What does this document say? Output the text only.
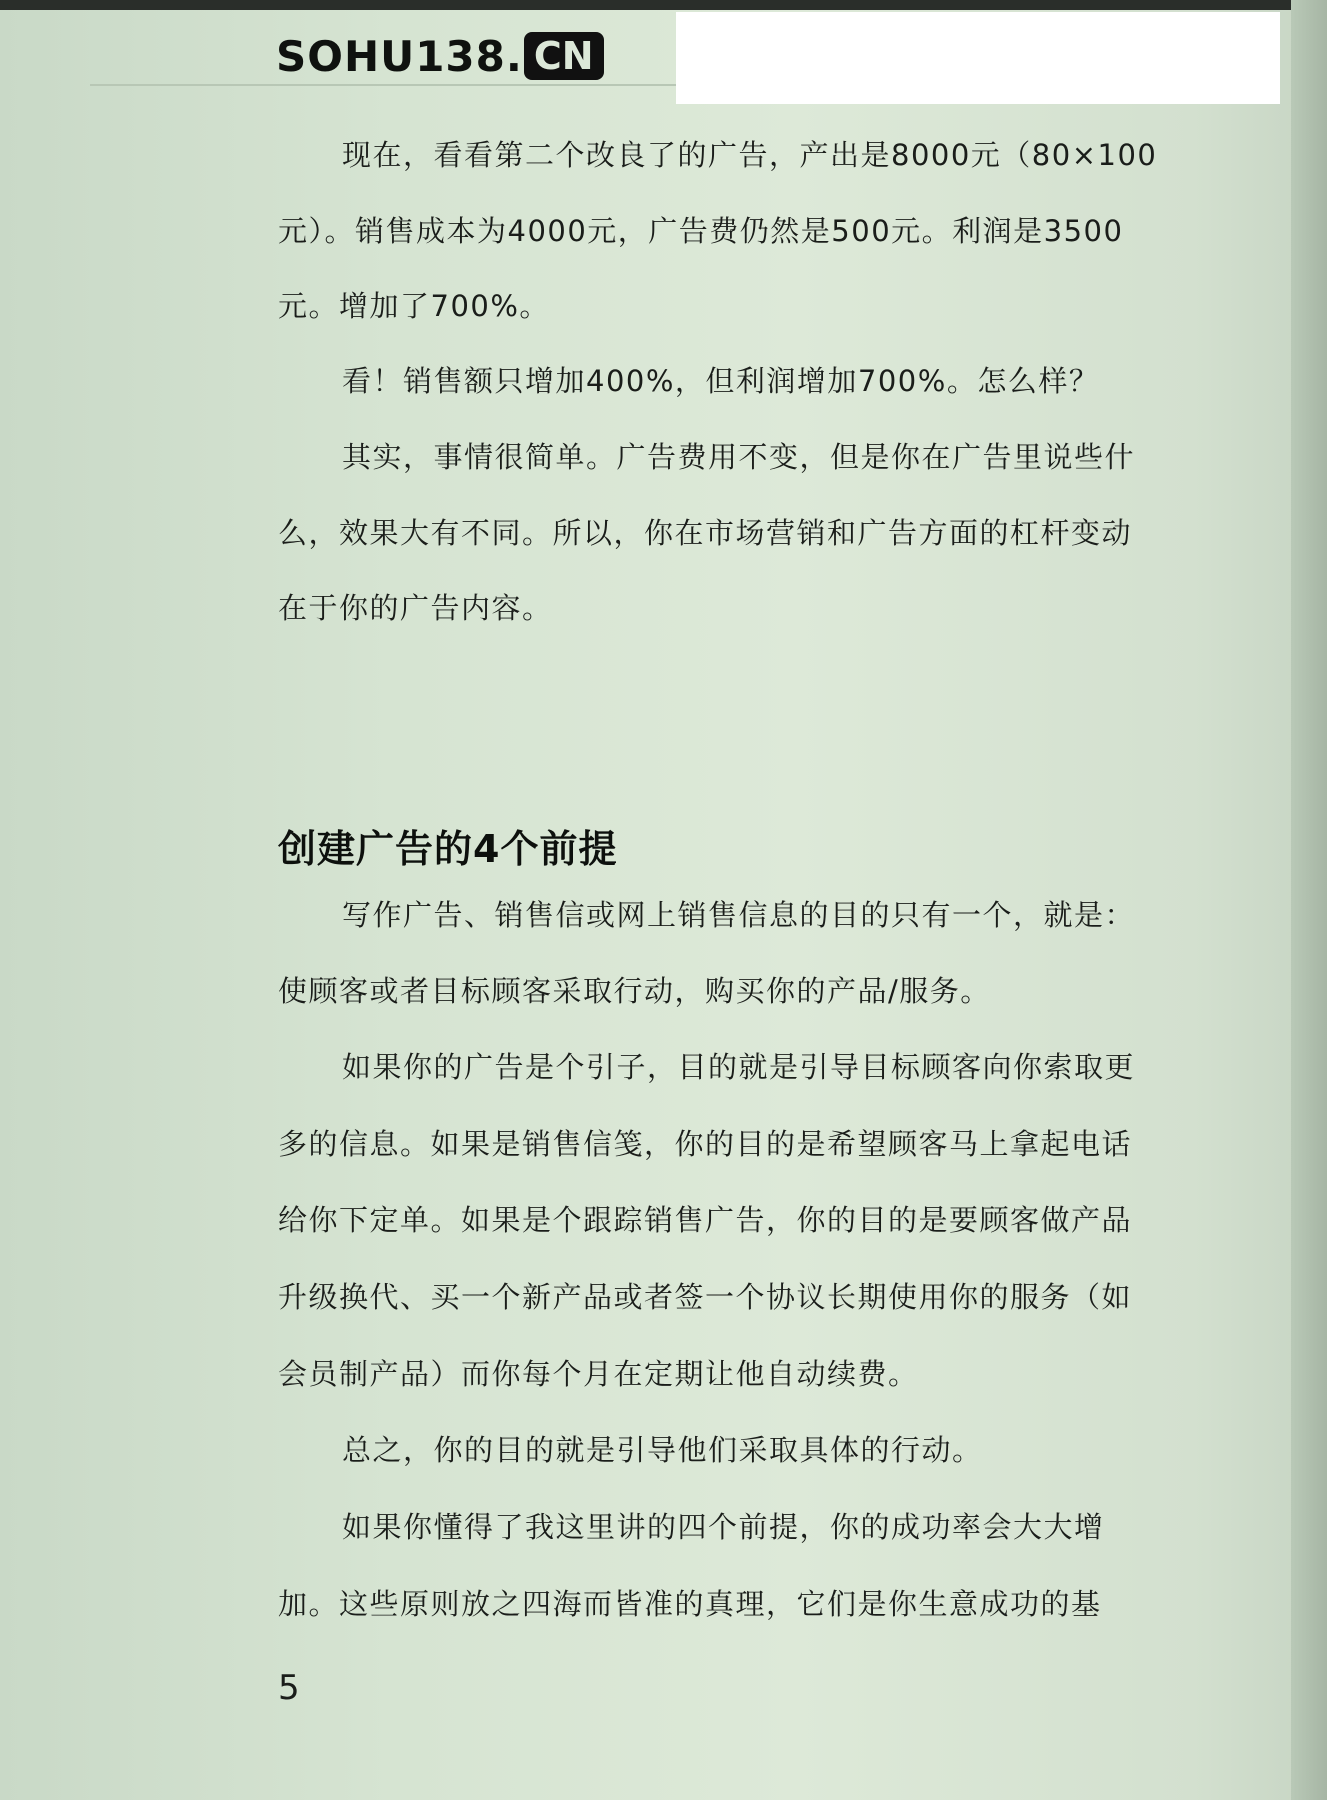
SOHU138 . CN
现在，看看第二个改良了的广告，产出是8000元（80×100
元）。销售成本为4000元，广告费仍然是500元。利润是3500
元。增加了700%。
看！销售额只增加400%，但利润增加700%。怎么样？
其实，事情很简单。广告费用不变，但是你在广告里说些什
么，效果大有不同。所以，你在市场营销和广告方面的杠杆变动
在于你的广告内容。
创建广告的4个前提
写作广告、销售信或网上销售信息的目的只有一个，就是：
使顾客或者目标顾客采取行动，购买你的产品/服务。
如果你的广告是个引子，目的就是引导目标顾客向你索取更
多的信息。如果是销售信笺，你的目的是希望顾客马上拿起电话
给你下定单。如果是个跟踪销售广告，你的目的是要顾客做产品
升级换代、买一个新产品或者签一个协议长期使用你的服务（如
会员制产品）而你每个月在定期让他自动续费。
总之，你的目的就是引导他们采取具体的行动。
如果你懂得了我这里讲的四个前提，你的成功率会大大增
加。这些原则放之四海而皆准的真理，它们是你生意成功的基
5
